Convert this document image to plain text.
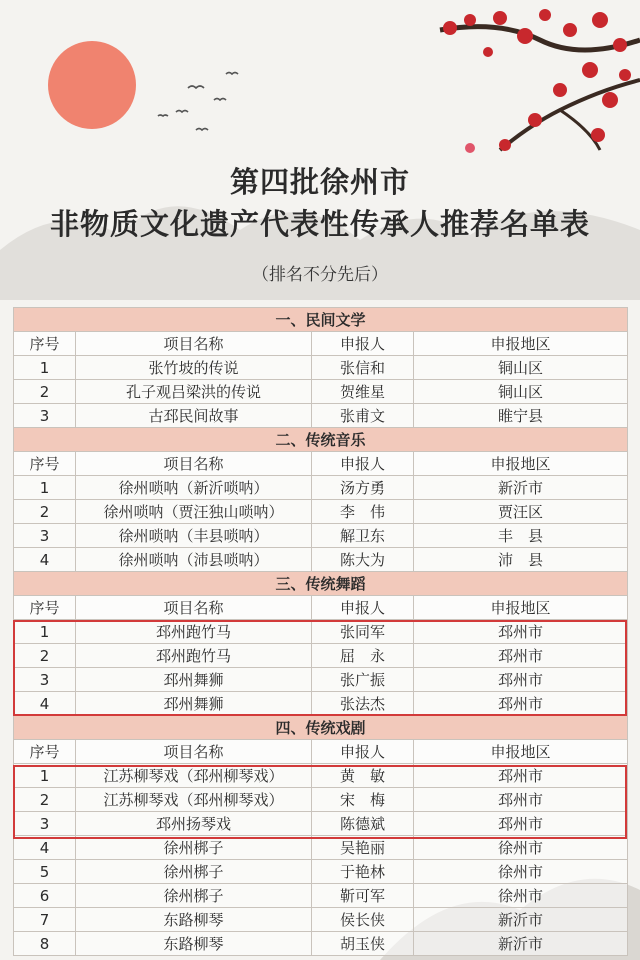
第四批徐州市
非物质文化遗产代表性传承人推荐名单表
（排名不分先后）
一、民间文学			
序号	项目名称	申报人	申报地区
1	张竹坡的传说	张信和	铜山区
2	孔子观吕梁洪的传说	贺维星	铜山区
3	古邳民间故事	张甫文	睢宁县
二、传统音乐			
序号	项目名称	申报人	申报地区
1	徐州唢呐（新沂唢呐）	汤方勇	新沂市
2	徐州唢呐（贾汪独山唢呐）	李　伟	贾汪区
3	徐州唢呐（丰县唢呐）	解卫东	丰　县
4	徐州唢呐（沛县唢呐）	陈大为	沛　县
三、传统舞蹈			
序号	项目名称	申报人	申报地区
1	邳州跑竹马	张同军	邳州市
2	邳州跑竹马	屈　永	邳州市
3	邳州舞狮	张广振	邳州市
4	邳州舞狮	张法杰	邳州市
四、传统戏剧			
序号	项目名称	申报人	申报地区
1	江苏柳琴戏（邳州柳琴戏）	黄　敏	邳州市
2	江苏柳琴戏（邳州柳琴戏）	宋　梅	邳州市
3	邳州扬琴戏	陈德斌	邳州市
4	徐州梆子	吴艳丽	徐州市
5	徐州梆子	于艳林	徐州市
6	徐州梆子	靳可军	徐州市
7	东路柳琴	侯长侠	新沂市
8	东路柳琴	胡玉侠	新沂市
